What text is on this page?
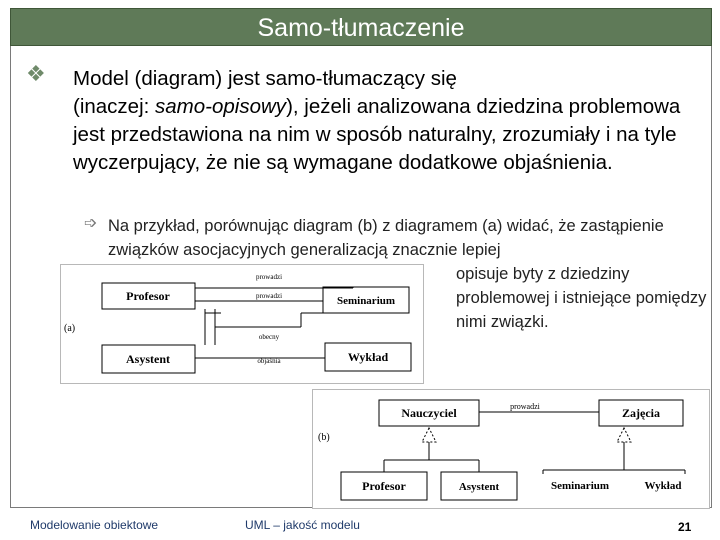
Samo-tłumaczenie
❖ Model (diagram) jest samo-tłumaczący się
(inaczej: samo-opisowy), jeżeli analizowana dziedzina problemowa jest przedstawiona na nim w sposób naturalny, zrozumiały i na tyle wyczerpujący, że nie są wymagane dodatkowe objaśnienia.
➩ Na przykład, porównując diagram (b) z diagramem (a) widać, że zastąpienie związków asocjacyjnych generalizacją znacznie lepiej
opisuje byty z dziedziny problemowej i istniejące pomiędzy nimi związki.
Profesor	Seminarium
Asystent	Wykład
prowadzi
prowadzi
obecny
objaśnia
(a)
Nauczyciel	Zajęcia
Profesor	Asystent	Seminarium	Wykład
prowadzi
(b)
Modelowanie obiektowe	UML – jakość modelu	21
